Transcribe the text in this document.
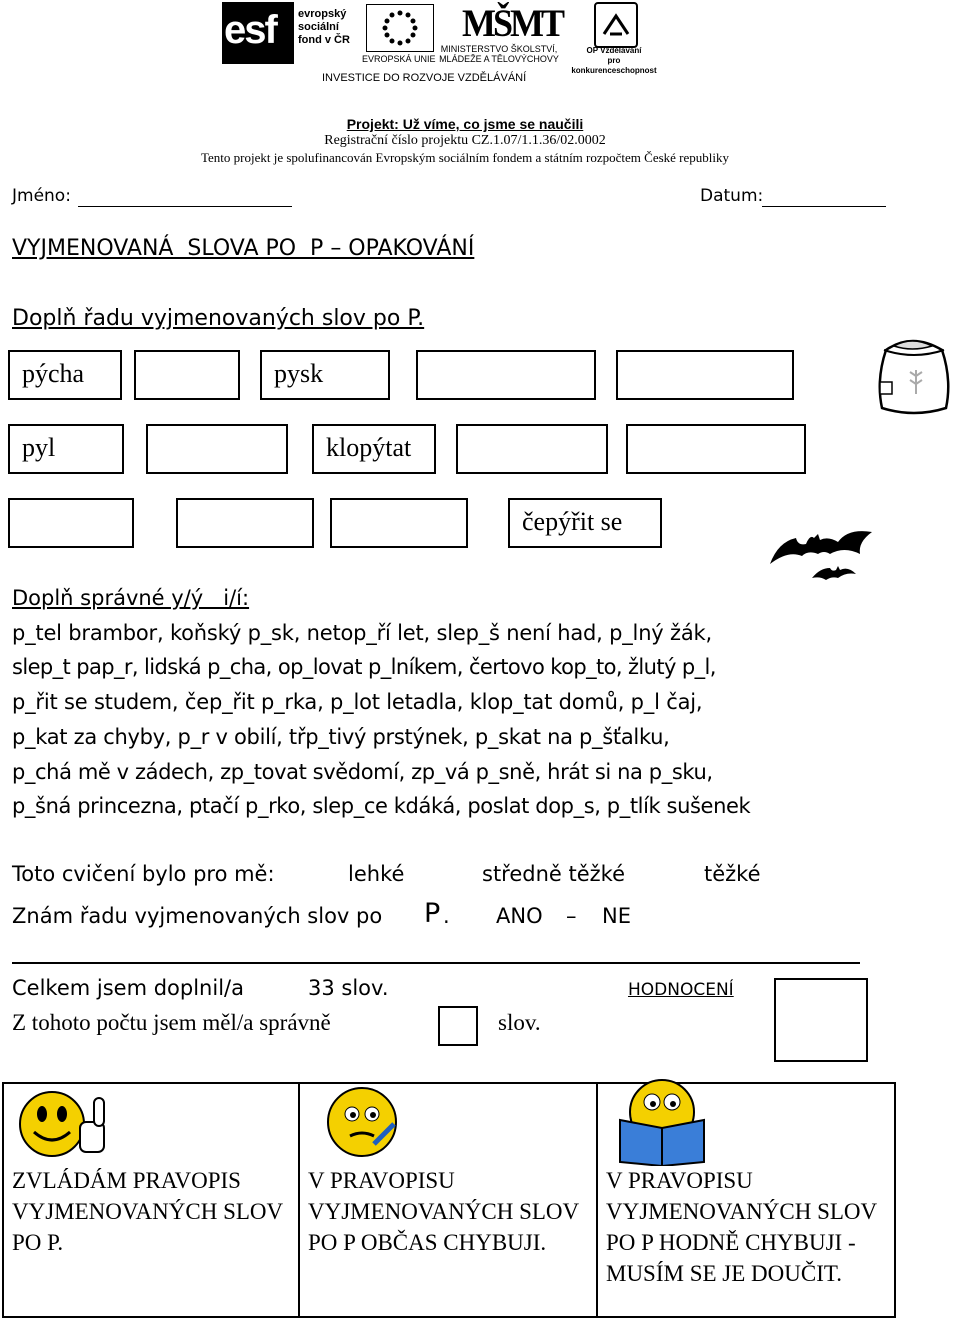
esf evropský
sociální
fond v ČR
EVROPSKÁ UNIE
MŠMT
MINISTERSTVO ŠKOLSTVÍ,
MLÁDEŽE A TĚLOVÝCHOVY
OP Vzdělávání
pro konkurenceschopnost
INVESTICE DO ROZVOJE VZDĚLÁVÁNÍ
Projekt: Už víme, co jsme se naučili
Registrační číslo projektu CZ.1.07/1.1.36/02.0002
Tento projekt je spolufinancován Evropským sociálním fondem a státním rozpočtem České republiky
Jméno:	Datum:
VYJMENOVANÁ  SLOVA PO  P – OPAKOVÁNÍ
Doplň řadu vyjmenovaných slov po P.
pýcha	pysk
pyl	klopýtat
čepýřit se
Doplň správné y/ý   i/í:
p_tel brambor, koňský p_sk, netop_ří let, slep_š není had, p_lný žák,
slep_t pap_r, lidská p_cha, op_lovat p_lníkem, čertovo kop_to, žlutý p_l,
p_řit se studem, čep_řit p_rka, p_lot letadla, klop_tat domů, p_l čaj,
p_kat za chyby, p_r v obilí, třp_tivý prstýnek, p_skat na p_šťalku,
p_chá mě v zádech, zp_tovat svědomí, zp_vá p_sně, hrát si na p_sku,
p_šná princezna, ptačí p_rko, slep_ce kdáká, poslat dop_s, p_tlík sušenek
Toto cvičení bylo pro mě:	lehké	středně těžké	těžké
Znám řadu vyjmenovaných slov po P . ANO – NE
Celkem jsem doplnil/a	33 slov.	HODNOCENÍ
Z tohoto počtu jsem měl/a správně	slov.
ZVLÁDÁM PRAVOPIS VYJMENOVANÝCH SLOV PO P.
V PRAVOPISU VYJMENOVANÝCH SLOV PO P OBČAS CHYBUJI.
V PRAVOPISU VYJMENOVANÝCH SLOV PO P HODNĚ CHYBUJI - MUSÍM SE JE DOUČIT.
